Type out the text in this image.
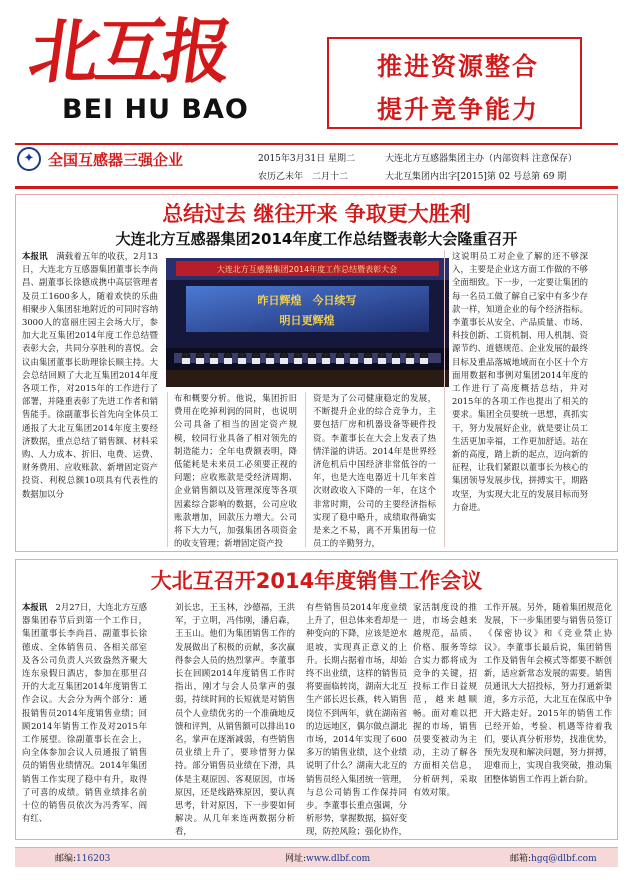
北互报
BEI HU BAO
推进资源整合
提升竞争能力
✦ 全国互感器三强企业	2015年3月31日 星期二	大连北方互感器集团主办（内部资料 注意保存）
农历乙未年　二月十二	大北互集团内出字[2015]第 02 号总第 69 期
总结过去 继往开来 争取更大胜利
大连北方互感器集团2014年度工作总结暨表彰大会隆重召开
大连北方互感器集团2014年度工作总结暨表彰大会
昨日辉煌　今日续写
明日更辉煌
本报讯　 满载着五年的收获，2月13日，大连北方互感器集团董事长李尚昌、副董事长徐德成携中高层管理者及员工1600多人，随着欢快的乐曲相聚步入集团驻地附近的可同时容纳3000人的富丽庄园主会场大厅，参加大北互集团2014年度工作总结暨表彰大会，共同分享胜利的喜悦。会议由集团董事长助理徐长顺主持。大会总结回顾了大北互集团2014年度各项工作，对2015年的工作进行了部署，并隆重表彰了先进工作者和销售能手。徐副董事长首先向全体员工通报了大北互集团2014年度主要经济数据，重点总结了销售额、材料采购、人力成本、折旧、电费、运费、财务费用、应收账款、新增固定资产投资、利税总额10项具有代表性的数据加以分
布和概要分析。他说，集团折旧费用在吃掉利润的同时，也说明公司具备了相当的固定资产规模，较同行业具备了相对领先的制造能力；全年电费额表明，降低能耗是未来员工必须要正视的问题；应收账款是受经济周期、企业销售额以及管理深度等各项因素综合影响的数据，公司应收账款增加，回款压力增大。公司将下大力气，加强集团各项资金的收支管理；新增固定资产投
资是为了公司健康稳定的发展，不断提升企业的综合竞争力，主要包括厂房和机器设备等硬件投资。李董事长在大会上发表了热情洋溢的讲话。2014年是世界经济危机后中国经济非常低谷的一年，也是大连电器近十几年来首次财政收入下降的一年，在这个非常时期，公司的主要经济指标实现了稳中略升，成绩取得确实是来之不易，离不开集团每一位员工的辛勤努力，
这说明员工对企业了解的还不够深入，主要是企业这方面工作做的不够全面细致。下一步，一定要让集团的每一名员工做了解自己家中有多少存款一样，知道企业的每个经济指标。李董事长从安全、产品质量、市场、科技创新、工资机制、用人机制、资源节约、道德规范、企业发展的最终目标及重品落城地域而在小区十个方面用数据和事例对集团2014年度的工作进行了高度概括总结，并对2015年的各项工作也提出了相关的要求。集团全员要统一思想，真抓实干，努力发展好企业，就是要让员工生活更加幸福，工作更加舒适。站在新的高度，踏上新的起点，迈向新的征程，让我们紧跟以董事长为核心的集团领导发展步伐，拼搏实干，期路攻坚，为实现大北互的发展目标而努力奋进。
大北互召开2014年度销售工作会议
本报讯　 2月27日，大连北方互感器集团春节后到第一个工作日，集团董事长李尚昌、副董事长徐德成、全体销售员、各相关部室及各公司负责人兴致盎然齐聚大连东泉假日酒店，参加在那里召开的大北互集团2014年度销售工作会议。大会分为两个部分：通报销售员2014年度销售业绩；回顾2014年销售工作及对2015年工作展望。徐副董事长在会上，向全体参加会议人员通报了销售员的销售业绩情况。2014年集团销售工作实现了稳中有升，取得了可喜的成绩。销售业绩排名前十位的销售员依次为冯秀军、阎有红、
刘长忠，王玉林，沙德福，王洪军，于立明，冯伟刚，潘启森，王玉山。他们为集团销售工作的发展做出了积极的贡献，多次赢得参会人员的热烈掌声。李董事长在回顾2014年度销售工作时指出，刚才与会人员掌声的强弱，持续时间的长短就是对销售员个人业绩优劣的一个准确地反馈和评判，从销售额可以排出10名，掌声在逐渐减弱，有些销售员业绩上升了，要珍惜努力保持。部分销售员业绩在下滑，具体是主观原因、客观原因，市场原因，还是线路殊原因，要认真思考，针对原因，下一步要如何解决。从几年来连两数据分析看，
有些销售员2014年度业绩上升了，但总体来看却是一种变向的下降，应该是逆水退坡，实现真正意义的上升。长期占据着市场，却始终不出业绩，这样的销售员将要面临转岗，湖南大北互生产部长迟长燕，转入销售岗位不到两年，就在湖南省的边远地区，偶尔做点湖北市场，2014年实现了600多万的销售业绩，这个业绩说明了什么？湖南大北互的销售员经入集团统一管理，与总公司销售工作保持同步。李董事长重点强调，分析形势，掌握数据，搞好变现，防控风险；强化协作，
家活制度设的推进，市场会越来越规范，品质、价格、服务等综合实力都将成为竞争的关键，招投标工作日益规范，越来越顺畅。面对难以把握的市场，销售员要变被动为主动，主动了解各方面相关信息，分析研判，采取有效对策。
工作开展。另外，随着集团规范化发展，下一步集团要与销售员签订《保密协议》和《竞业禁止协议》。李董事长最后说，集团销售工作及销售年会模式等都要不断创新，适应新常态发展的需要。销售员通讯大大招投标，努力打通新渠道，多方示范，大北互在保底中争开大路走好。2015年的销售工作已经开始，考验、机遇等待着我们，要认真分析形势，找准优势，预先发现和解决问题，努力拼搏，迎难而上，实现自我突破，推动集团整体销售工作再上新台阶。
邮编:116203	网址:www.dlbf.com	邮箱:hgq@dlbf.com
